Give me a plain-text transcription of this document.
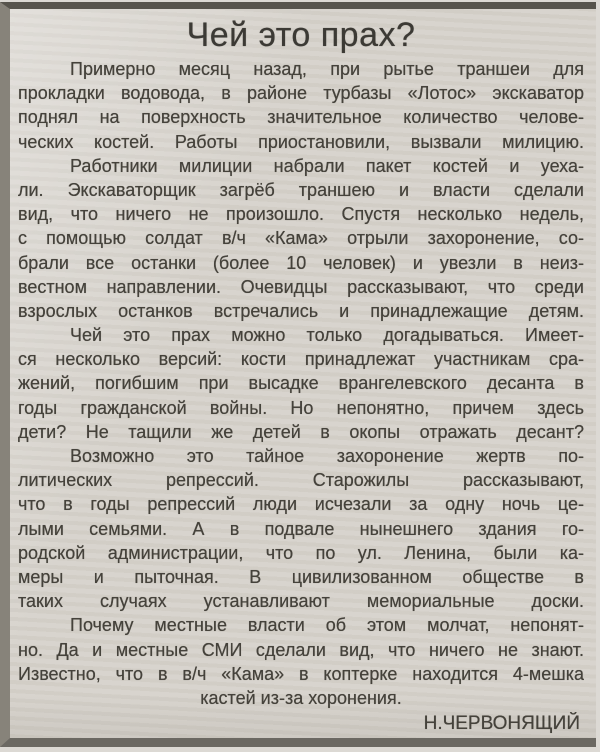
Чей это прах?
Примерно месяц назад, при рытье траншеи для
прокладки водовода, в районе турбазы «Лотос» экскаватор
поднял на поверхность значительное количество челове-
ческих костей. Работы приостановили, вызвали милицию.
Работники милиции набрали пакет костей и уеха-
ли. Экскаваторщик загрёб траншею и власти сделали
вид, что ничего не произошло. Спустя несколько недель,
с помощью солдат в/ч «Кама» отрыли захоронение, со-
брали все останки (более 10 человек) и увезли в неиз-
вестном направлении. Очевидцы рассказывают, что среди
взрослых останков встречались и принадлежащие детям.
Чей это прах можно только догадываться. Имеет-
ся несколько версий: кости принадлежат участникам сра-
жений, погибшим при высадке врангелевского десанта в
годы гражданской войны. Но непонятно, причем здесь
дети? Не тащили же детей в окопы отражать десант?
Возможно это тайное захоронение жертв по-
литических репрессий. Старожилы рассказывают,
что в годы репрессий люди исчезали за одну ночь це-
лыми семьями. А в подвале нынешнего здания го-
родской администрации, что по ул. Ленина, были ка-
меры и пыточная. В цивилизованном обществе в
таких случаях устанавливают мемориальные доски.
Почему местные власти об этом молчат, непонят-
но. Да и местные СМИ сделали вид, что ничего не знают.
Известно, что в в/ч «Кама» в коптерке находится 4-мешка
кастей из-за хоронения.
Н.ЧЕРВОНЯЩИЙ
